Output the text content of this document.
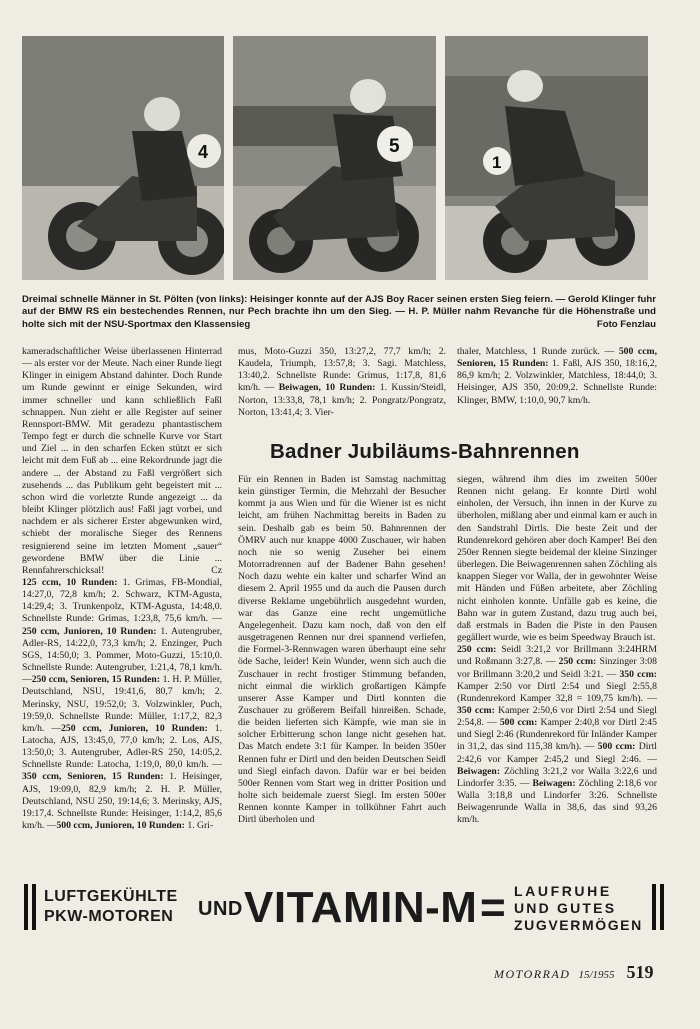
4	5
1
Dreimal schnelle Männer in St. Pölten (von links): Heisinger konnte auf der AJS Boy Racer seinen ersten Sieg feiern. — Gerold Klinger fuhr auf der BMW RS ein bestechendes Rennen, nur Pech brachte ihn um den Sieg. — H. P. Müller nahm Revanche für die Höhenstraße und holte sich mit der NSU-Sportmax den Klassensieg	Foto Fenzlau

kameradschaftlicher Weise überlassenen Hinterrad — als erster vor der Meute. Nach einer Runde liegt Klinger in einigem Abstand dahinter. Doch Runde um Runde gewinnt er einige Sekunden, wird immer schneller und kann schließlich Faßl schnappen. Nun zieht er alle Register auf seiner Rennsport-BMW. Mit geradezu phantastischem Tempo fegt er durch die schnelle Kurve vor Start und Ziel ... in den scharfen Ecken stützt er sich leicht mit dem Fuß ab ... eine Rekordrunde jagt die andere ... der Abstand zu Faßl vergrößert sich zusehends ... das Publikum geht begeistert mit ... schon wird die vorletzte Runde angezeigt ... da bleibt Klinger plötzlich aus! Faßl jagt vorbei, und nachdem er als sicherer Erster abgewunken wird, schiebt der moralische Sieger des Rennens resignierend seine im letzten Moment „sauer“ gewordene BMW über die Linie ... Rennfahrerschicksal!	Cz

125 ccm, 10 Runden: 1. Grimas, FB-Mondial, 14:27,0, 72,8 km/h; 2. Schwarz, KTM-Agusta, 14:29,4; 3. Trunkenpolz, KTM-Agusta, 14:48,0. Schnellste Runde: Grimas, 1:23,8, 75,6 km/h. —250 ccm, Junioren, 10 Runden: 1. Autengruber, Adler-RS, 14:22,0, 73,3 km/h; 2. Enzinger, Puch SGS, 14:50,0; 3. Pommer, Moto-Guzzi, 15:10,0. Schnellste Runde: Autengruber, 1:21,4, 78,1 km/h. —250 ccm, Senioren, 15 Runden: 1. H. P. Müller, Deutschland, NSU, 19:41,6, 80,7 km/h; 2. Merinsky, NSU, 19:52,0; 3. Volzwinkler, Puch, 19:59,0. Schnellste Runde: Müller, 1:17,2, 82,3 km/h. —250 ccm, Junioren, 10 Runden: 1. Latocha, AJS, 13:45,0, 77,0 km/h; 2. Los, AJS, 13:50,0; 3. Autengruber, Adler-RS 250, 14:05,2. Schnellste Runde: Latocha, 1:19,0, 80,0 km/h. —350 ccm, Senioren, 15 Runden: 1. Heisinger, AJS, 19:09,0, 82,9 km/h; 2. H. P. Müller, Deutschland, NSU 250, 19:14,6; 3. Merinsky, AJS, 19:17,4. Schnellste Runde: Heisinger, 1:14,2, 85,6 km/h. —500 ccm, Junioren, 10 Runden: 1. Gri-

mus, Moto-Guzzi 350, 13:27,2, 77,7 km/h; 2. Kaudela, Triumph, 13:57,8; 3. Sagi. Matchless, 13:40,2. Schnellste Runde: Grimus, 1:17,8, 81,6 km/h. — Beiwagen, 10 Runden: 1. Kussin/Steidl, Norton, 13:33,8, 78,1 km/h; 2. Pongratz/Pongratz, Norton, 13:41,4; 3. Vier-

thaler, Matchless, 1 Runde zurück. — 500 ccm, Senioren, 15 Runden: 1. Faßl, AJS 350, 18:16,2, 86,9 km/h; 2. Volzwinkler, Matchless, 18:44,0; 3. Heisinger, AJS 350, 20:09,2. Schnellste Runde: Klinger, BMW, 1:10,0, 90,7 km/h.

Badner Jubiläums-Bahnrennen

Für ein Rennen in Baden ist Samstag nachmittag kein günstiger Termin, die Mehrzahl der Besucher kommt ja aus Wien und für die Wiener ist es nicht leicht, am frühen Nachmittag bereits in Baden zu sein. Deshalb gab es beim 50. Bahnrennen der ÖMRV auch nur knappe 4000 Zuschauer, wir haben noch nie so wenig Zuseher bei einem Motorradrennen auf der Badener Bahn gesehen! Noch dazu wehte ein kalter und scharfer Wind an diesem 2. April 1955 und da auch die Pausen durch diverse Reklame ungebührlich ausgedehnt wurden, war das Ganze eine recht ungemütliche Angelegenheit. Dazu kam noch, daß von den elf ausgetragenen Rennen nur drei spannend verliefen, die Formel-3-Rennwagen waren überhaupt eine sehr öde Sache, leider! Kein Wunder, wenn sich auch die Zuschauer in recht frostiger Stimmung befanden, nicht einmal die wirklich großartigen Kämpfe unserer Asse Kamper und Dirtl konnten die Zuschauer zu größerem Beifall hinreißen. Schade, die beiden lieferten sich Kämpfe, wie man sie in solcher Erbitterung schon lange nicht gesehen hat. Das Match endete 3:1 für Kamper. In beiden 350er Rennen fuhr er Dirtl und den beiden Deutschen Seidl und Siegl einfach davon. Dafür war er bei beiden 500er Rennen vom Start weg in dritter Position und holte sich beidemale zuerst Siegl. Im ersten 500er Rennen konnte Kamper in tollkühner Fahrt auch Dirtl überholen und

siegen, während ihm dies im zweiten 500er Rennen nicht gelang. Er konnte Dirtl wohl einholen, der Versuch, ihn innen in der Kurve zu überholen, mißlang aber und einmal kam er auch in den Sandstrahl Dirtls. Die beste Zeit und der Rundenrekord gehören aber doch Kamper! Bei den 250er Rennen siegte beidemal der kleine Sinzinger überlegen. Die Beiwagenrennen sahen Zöchling als knappen Sieger vor Walla, der in gewohnter Weise mit Händen und Füßen arbeitete, aber Zöchling nicht einholen konnte. Unfälle gab es keine, die Bahn war in gutem Zustand, dazu trug auch bei, daß erstmals in Baden die Piste in den Pausen gegällert wurde, wie es beim Speedway Brauch ist.
HRM

250 ccm: Seidl 3:21,2 vor Brillmann 3:24 und Roßmann 3:27,8. — 250 ccm: Sinzinger 3:08 vor Brillmann 3:20,2 und Seidl 3:21. — 350 ccm: Kamper 2:50 vor Dirtl 2:54 und Siegl 2:55,8 (Rundenrekord Kamper 32,8 = 109,75 km/h). — 350 ccm: Kamper 2:50,6 vor Dirtl 2:54 und Siegl 2:54,8. — 500 ccm: Kamper 2:40,8 vor Dirtl 2:45 und Siegl 2:46 (Rundenrekord für Inländer Kamper in 31,2, das sind 115,38 km/h). — 500 ccm: Dirtl 2:42,6 vor Kamper 2:45,2 und Siegl 2:46. — Beiwagen: Zöchling 3:21,2 vor Walla 3:22,6 und Lindorfer 3:35. — Beiwagen: Zöchling 2:18,6 vor Walla 3:18,8 und Lindorfer 3:26. Schnellste Beiwagenrunde Walla in 38,6, das sind 93,26 km/h.

LUFTGEKÜHLTE
PKW-MOTOREN UND VITAMIN-M = LAUFRUHE
UND GUTES
ZUGVERMÖGEN
MOTORRAD 15/1955 519
